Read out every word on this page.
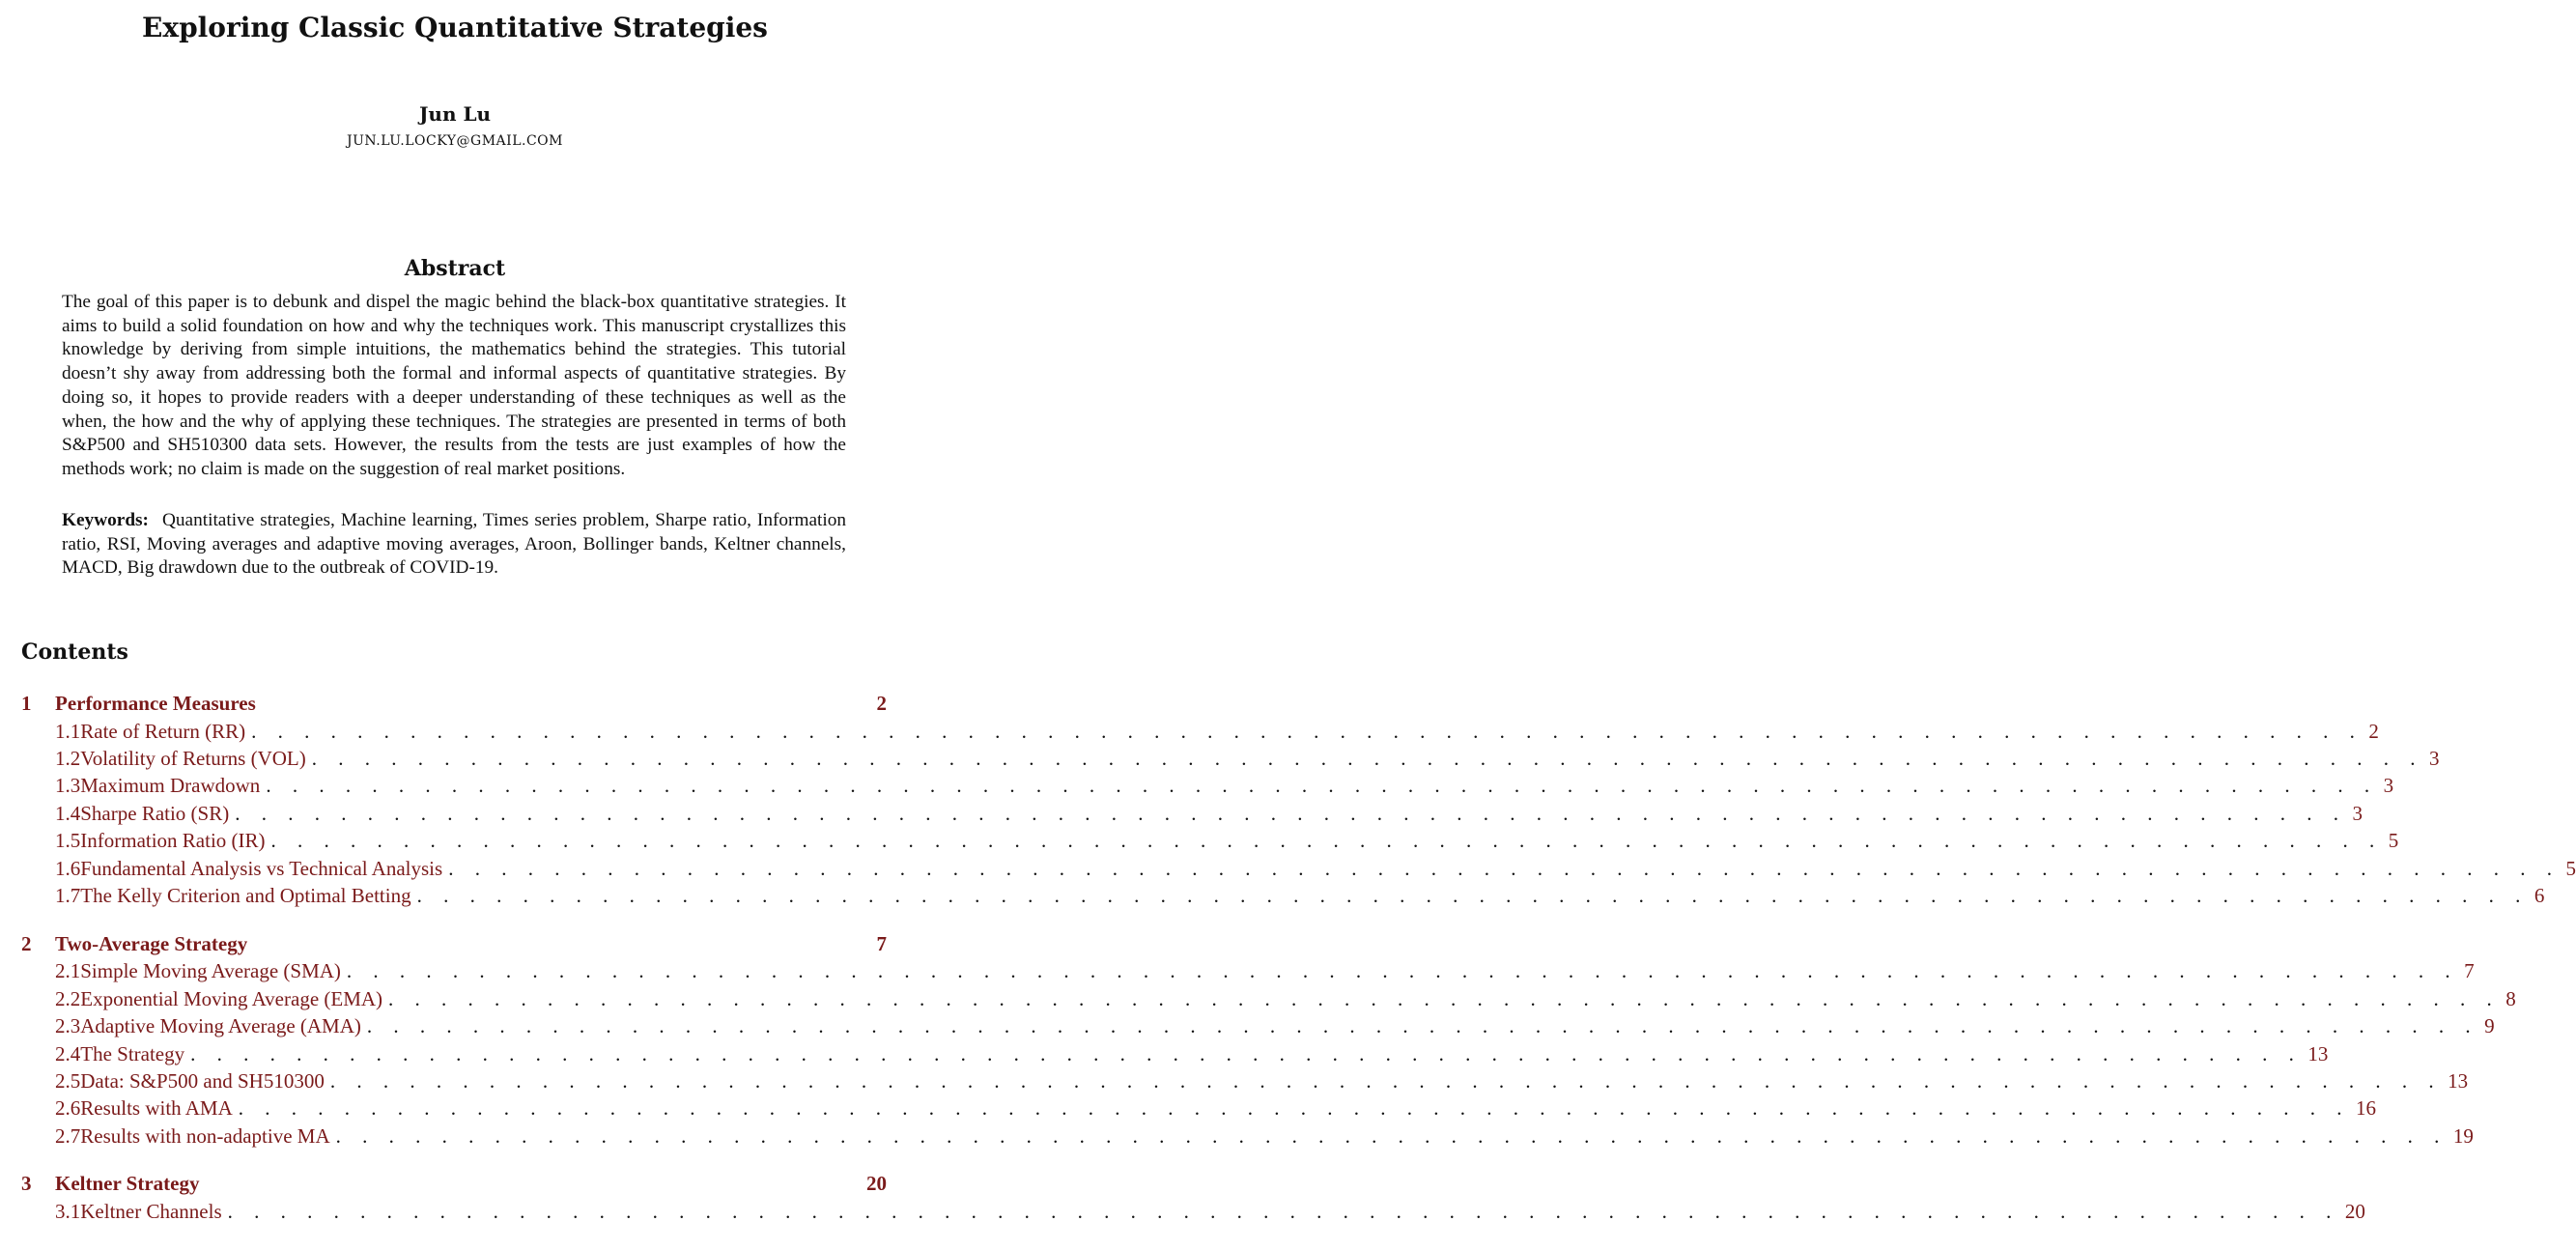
Exploring Classic Quantitative Strategies
Jun Lu
JUN.LU.LOCKY@GMAIL.COM
Abstract
The goal of this paper is to debunk and dispel the magic behind the black-box quantitative strategies. It aims to build a solid foundation on how and why the techniques work. This manuscript crystallizes this knowledge by deriving from simple intuitions, the mathematics behind the strategies. This tutorial doesn’t shy away from addressing both the formal and informal aspects of quantitative strategies. By doing so, it hopes to provide readers with a deeper understanding of these techniques as well as the when, the how and the why of applying these techniques. The strategies are presented in terms of both S&P500 and SH510300 data sets. However, the results from the tests are just examples of how the methods work; no claim is made on the suggestion of real market positions.
Keywords: Quantitative strategies, Machine learning, Times series problem, Sharpe ratio, Information ratio, RSI, Moving averages and adaptive moving averages, Aroon, Bollinger bands, Keltner channels, MACD, Big drawdown due to the outbreak of COVID-19.
Contents
1	Performance Measures	2
1.1 Rate of Return (RR) . . . . . . . . . . . . . . . . . . . . . . . . . . . . . . . . . . . . . . . . . . . . . . . . . . . . . . . . . . . . . . . . . . . . . . . . . . . . . . . . 2
1.2 Volatility of Returns (VOL) . . . . . . . . . . . . . . . . . . . . . . . . . . . . . . . . . . . . . . . . . . . . . . . . . . . . . . . . . . . . . . . . . . . . . . . . . . . . . . . . 3
1.3 Maximum Drawdown . . . . . . . . . . . . . . . . . . . . . . . . . . . . . . . . . . . . . . . . . . . . . . . . . . . . . . . . . . . . . . . . . . . . . . . . . . . . . . . . 3
1.4 Sharpe Ratio (SR) . . . . . . . . . . . . . . . . . . . . . . . . . . . . . . . . . . . . . . . . . . . . . . . . . . . . . . . . . . . . . . . . . . . . . . . . . . . . . . . . 3
1.5 Information Ratio (IR) . . . . . . . . . . . . . . . . . . . . . . . . . . . . . . . . . . . . . . . . . . . . . . . . . . . . . . . . . . . . . . . . . . . . . . . . . . . . . . . . 5
1.6 Fundamental Analysis vs Technical Analysis . . . . . . . . . . . . . . . . . . . . . . . . . . . . . . . . . . . . . . . . . . . . . . . . . . . . . . . . . . . . . . . . . . . . . . . . . . . . . . . . 5
1.7 The Kelly Criterion and Optimal Betting . . . . . . . . . . . . . . . . . . . . . . . . . . . . . . . . . . . . . . . . . . . . . . . . . . . . . . . . . . . . . . . . . . . . . . . . . . . . . . . . 6
2	Two-Average Strategy	7
2.1 Simple Moving Average (SMA) . . . . . . . . . . . . . . . . . . . . . . . . . . . . . . . . . . . . . . . . . . . . . . . . . . . . . . . . . . . . . . . . . . . . . . . . . . . . . . . . 7
2.2 Exponential Moving Average (EMA) . . . . . . . . . . . . . . . . . . . . . . . . . . . . . . . . . . . . . . . . . . . . . . . . . . . . . . . . . . . . . . . . . . . . . . . . . . . . . . . . 8
2.3 Adaptive Moving Average (AMA) . . . . . . . . . . . . . . . . . . . . . . . . . . . . . . . . . . . . . . . . . . . . . . . . . . . . . . . . . . . . . . . . . . . . . . . . . . . . . . . . 9
2.4 The Strategy . . . . . . . . . . . . . . . . . . . . . . . . . . . . . . . . . . . . . . . . . . . . . . . . . . . . . . . . . . . . . . . . . . . . . . . . . . . . . . . . 13
2.5 Data: S&P500 and SH510300 . . . . . . . . . . . . . . . . . . . . . . . . . . . . . . . . . . . . . . . . . . . . . . . . . . . . . . . . . . . . . . . . . . . . . . . . . . . . . . . . 13
2.6 Results with AMA . . . . . . . . . . . . . . . . . . . . . . . . . . . . . . . . . . . . . . . . . . . . . . . . . . . . . . . . . . . . . . . . . . . . . . . . . . . . . . . . 16
2.7 Results with non-adaptive MA . . . . . . . . . . . . . . . . . . . . . . . . . . . . . . . . . . . . . . . . . . . . . . . . . . . . . . . . . . . . . . . . . . . . . . . . . . . . . . . . 19
3	Keltner Strategy	20
3.1 Keltner Channels . . . . . . . . . . . . . . . . . . . . . . . . . . . . . . . . . . . . . . . . . . . . . . . . . . . . . . . . . . . . . . . . . . . . . . . . . . . . . . . . 20
